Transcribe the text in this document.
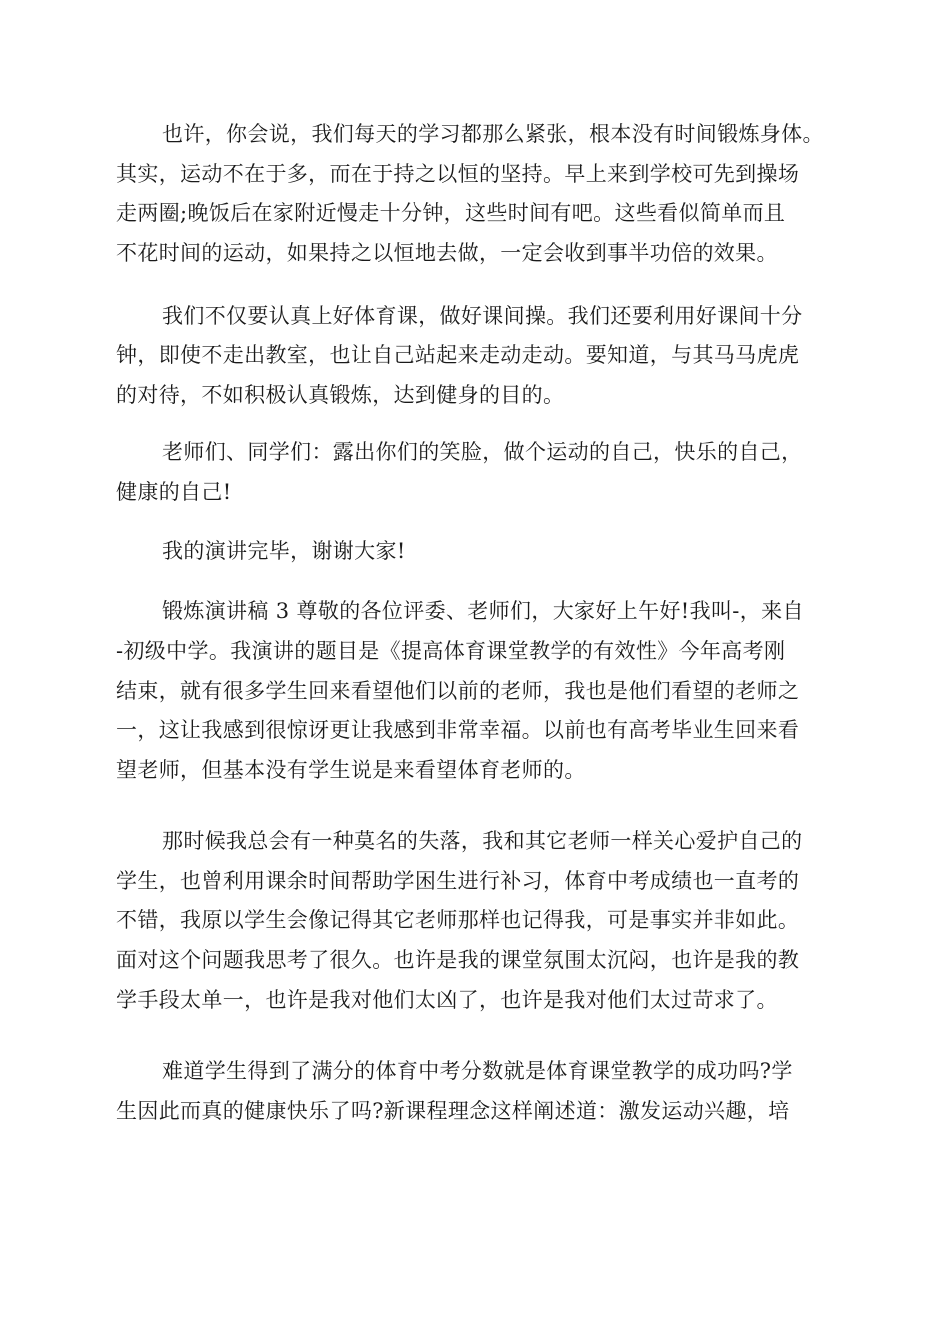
也许，你会说，我们每天的学习都那么紧张，根本没有时间锻炼身体。
其实，运动不在于多，而在于持之以恒的坚持。早上来到学校可先到操场
走两圈;晚饭后在家附近慢走十分钟，这些时间有吧。这些看似简单而且
不花时间的运动，如果持之以恒地去做，一定会收到事半功倍的效果。
我们不仅要认真上好体育课，做好课间操。我们还要利用好课间十分
钟，即使不走出教室，也让自己站起来走动走动。要知道，与其马马虎虎
的对待，不如积极认真锻炼，达到健身的目的。
老师们、同学们：露出你们的笑脸，做个运动的自己，快乐的自己，
健康的自己!
我的演讲完毕，谢谢大家!
锻炼演讲稿 3 尊敬的各位评委、老师们，大家好上午好!我叫-，来自
-初级中学。我演讲的题目是《提高体育课堂教学的有效性》今年高考刚
结束，就有很多学生回来看望他们以前的老师，我也是他们看望的老师之
一，这让我感到很惊讶更让我感到非常幸福。以前也有高考毕业生回来看
望老师，但基本没有学生说是来看望体育老师的。
那时候我总会有一种莫名的失落，我和其它老师一样关心爱护自己的
学生，也曾利用课余时间帮助学困生进行补习，体育中考成绩也一直考的
不错，我原以学生会像记得其它老师那样也记得我，可是事实并非如此。
面对这个问题我思考了很久。也许是我的课堂氛围太沉闷，也许是我的教
学手段太单一，也许是我对他们太凶了，也许是我对他们太过苛求了。
难道学生得到了满分的体育中考分数就是体育课堂教学的成功吗?学
生因此而真的健康快乐了吗?新课程理念这样阐述道：激发运动兴趣，培
